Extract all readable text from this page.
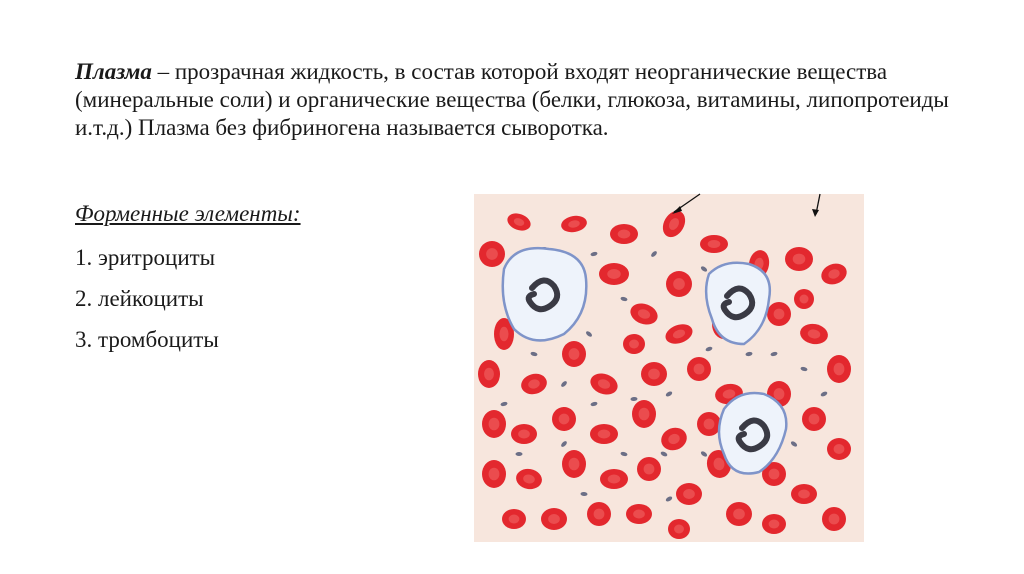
Плазма – прозрачная жидкость, в состав которой входят неорганические вещества (минеральные соли) и органические вещества (белки, глюкоза, витамины, липопротеиды и.т.д.) Плазма без фибриногена называется сыворотка.

Форменные элементы:

1. эритроциты
2. лейкоциты
3. тромбоциты
